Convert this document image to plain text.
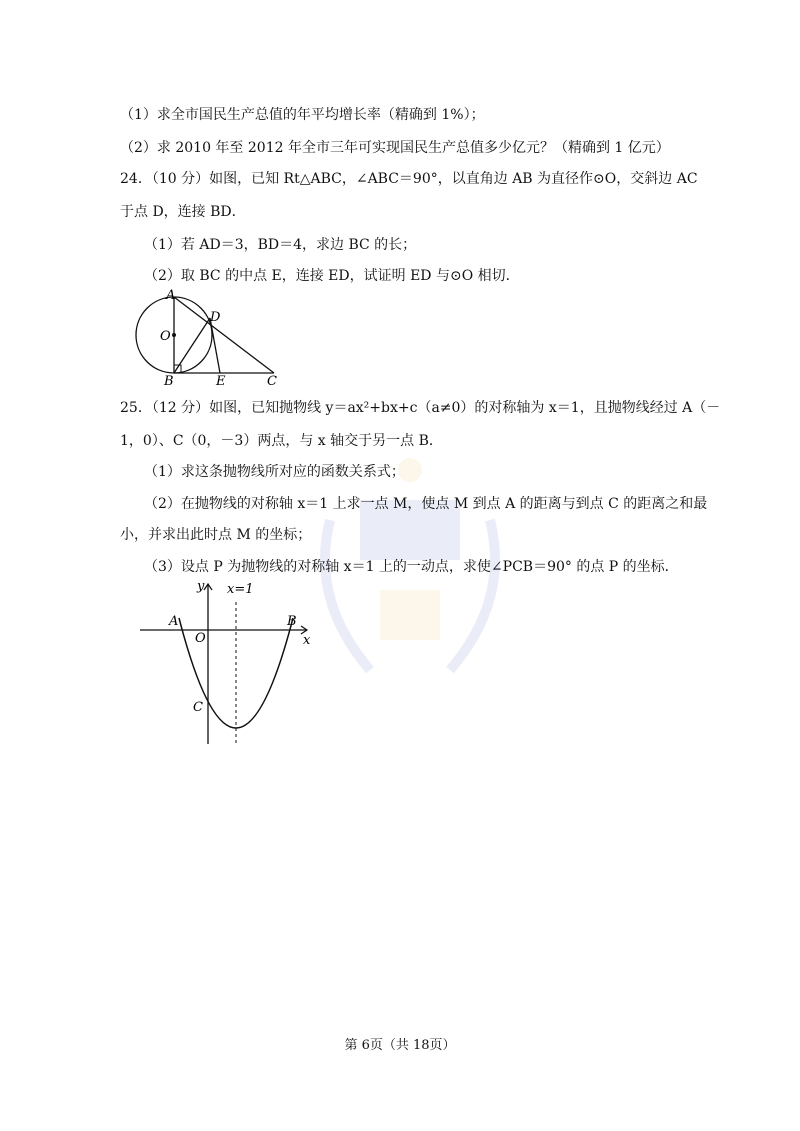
（1）求全市国民生产总值的年平均增长率（精确到 1%）；
（2）求 2010 年至 2012 年全市三年可实现国民生产总值多少亿元？（精确到 1 亿元）
24．（10 分）如图，已知 Rt△ABC，∠ABC＝90°，以直角边 AB 为直径作⊙O，交斜边 AC
于点 D，连接 BD．
（1）若 AD＝3，BD＝4，求边 BC 的长；
（2）取 BC 的中点 E，连接 ED，试证明 ED 与⊙O 相切．
A
O
D
B	E	C
25．（12 分）如图，已知抛物线 y＝ax²+bx+c（a≠0）的对称轴为 x＝1，且抛物线经过 A（－
1，0）、C（0，－3）两点，与 x 轴交于另一点 B．
（1）求这条抛物线所对应的函数关系式；
（2）在抛物线的对称轴 x＝1 上求一点 M，使点 M 到点 A 的距离与到点 C 的距离之和最
小，并求出此时点 M 的坐标；
（3）设点 P 为抛物线的对称轴 x＝1 上的一动点，求使∠PCB＝90° 的点 P 的坐标．
y x=1
A
O
B
x
C
第 6页（共 18页）
